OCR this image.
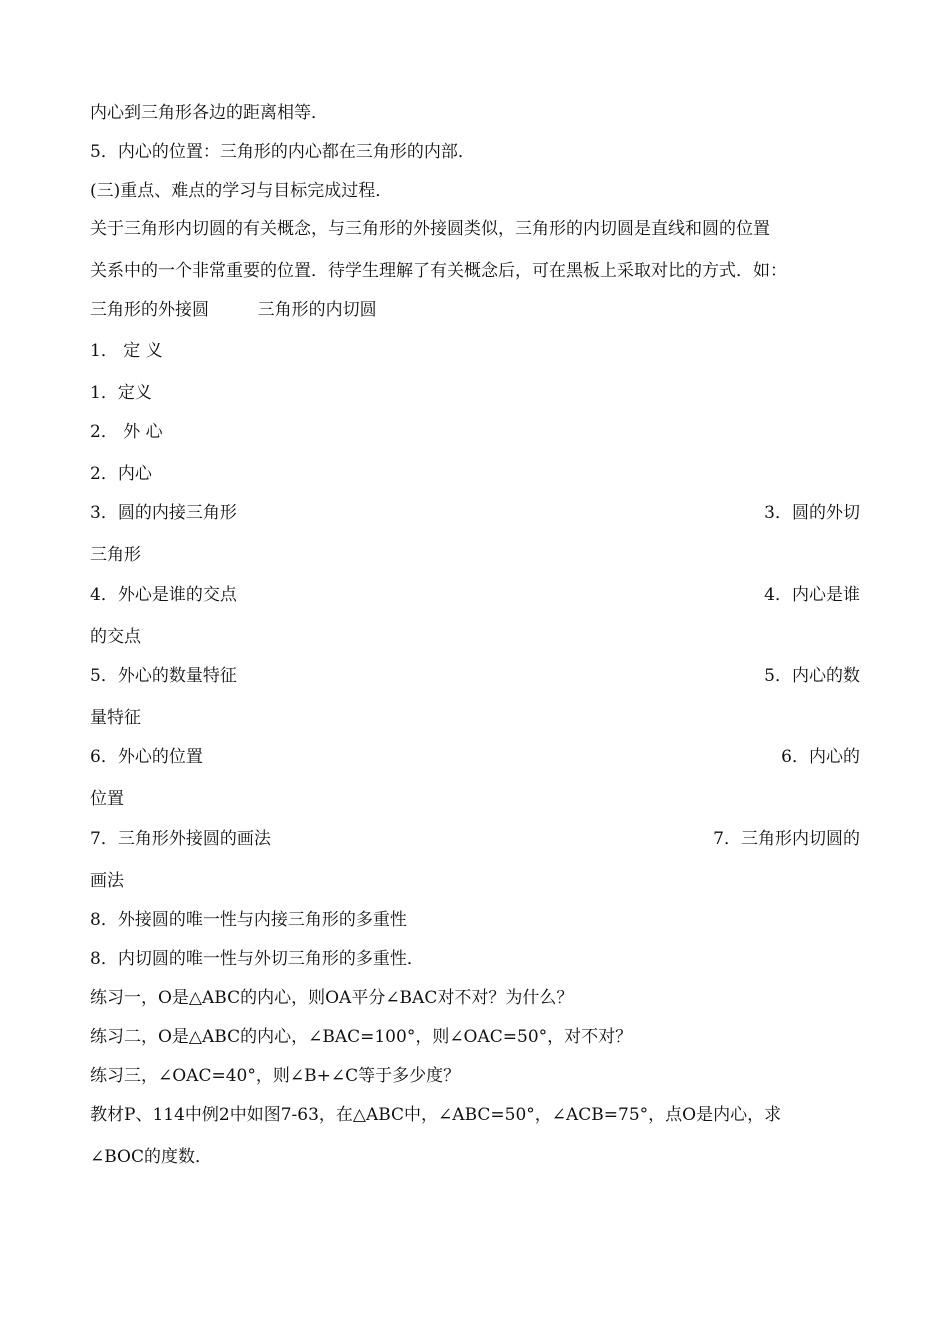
内心到三角形各边的距离相等．
5．内心的位置：三角形的内心都在三角形的内部．
(三)重点、难点的学习与目标完成过程．
关于三角形内切圆的有关概念，与三角形的外接圆类似，三角形的内切圆是直线和圆的位置
关系中的一个非常重要的位置．待学生理解了有关概念后，可在黑板上采取对比的方式．如：
三角形的外接圆         三角形的内切圆
1． 定 义
1．定义
2． 外 心
2．内心
3．圆的内接三角形	3．圆的外切
三角形
4．外心是谁的交点	4．内心是谁
的交点
5．外心的数量特征	5．内心的数
量特征
6．外心的位置	6．内心的
位置
7．三角形外接圆的画法	7．三角形内切圆的
画法
8．外接圆的唯一性与内接三角形的多重性
8．内切圆的唯一性与外切三角形的多重性．
练习一，O是△ABC的内心，则OA平分∠BAC对不对？为什么？
练习二，O是△ABC的内心，∠BAC=100°，则∠OAC=50°，对不对？
练习三，∠OAC=40°，则∠B+∠C等于多少度？
教材P、114中例2中如图7-63，在△ABC中，∠ABC=50°，∠ACB=75°，点O是内心，求
∠BOC的度数．
